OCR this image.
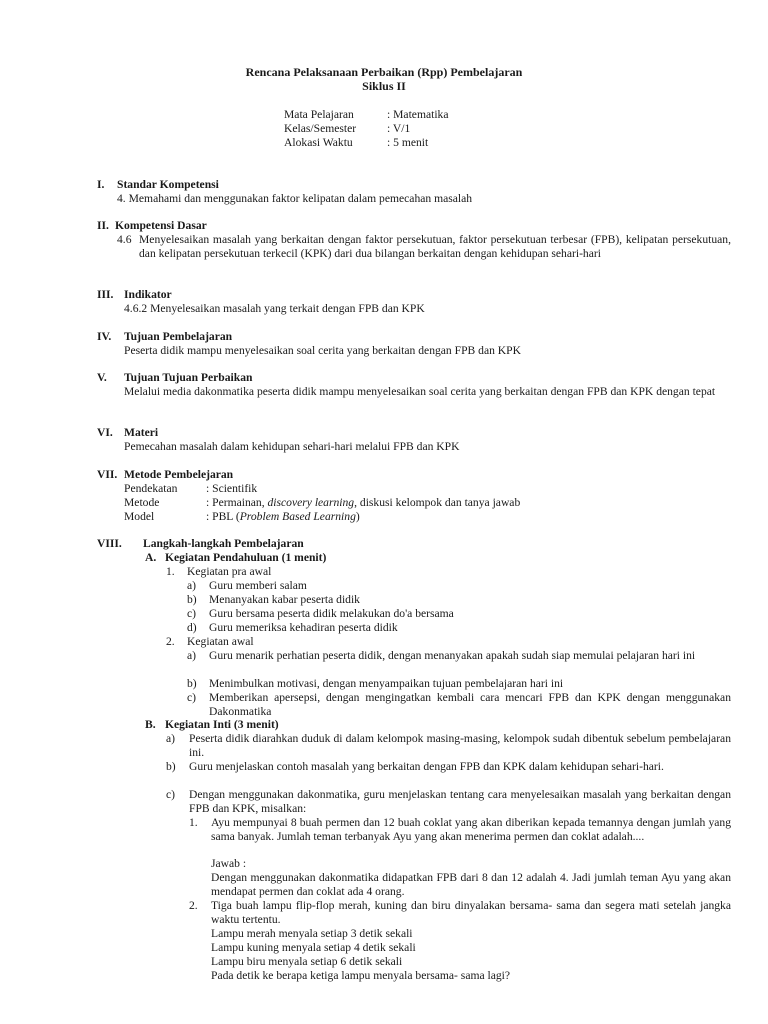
Rencana Pelaksanaan Perbaikan (Rpp) Pembelajaran
Siklus II
Mata Pelajaran	: Matematika
Kelas/Semester	: V/1
Alokasi Waktu	: 5 menit
I. Standar Kompetensi
4. Memahami dan menggunakan faktor kelipatan dalam pemecahan masalah
II. Kompetensi Dasar
4.6 Menyelesaikan masalah yang berkaitan dengan faktor persekutuan, faktor persekutuan terbesar (FPB), kelipatan persekutuan, dan kelipatan persekutuan terkecil (KPK) dari dua bilangan berkaitan dengan kehidupan sehari-hari
III. Indikator
4.6.2 Menyelesaikan masalah yang terkait dengan FPB dan KPK
IV. Tujuan Pembelajaran
Peserta didik mampu menyelesaikan soal cerita yang berkaitan dengan FPB dan KPK
V. Tujuan Tujuan Perbaikan
Melalui media dakonmatika peserta didik mampu menyelesaikan soal cerita yang berkaitan dengan FPB dan KPK dengan tepat
VI. Materi
Pemecahan masalah dalam kehidupan sehari-hari melalui FPB dan KPK
VII. Metode Pembelejaran
Pendekatan : Scientifik
Metode	: Permainan, discovery learning, diskusi kelompok dan tanya jawab
Model	: PBL (Problem Based Learning)
VIII. Langkah-langkah Pembelajaran
A. Kegiatan Pendahuluan (1 menit)
1. Kegiatan pra awal
a) Guru memberi salam
b) Menanyakan kabar peserta didik
c) Guru bersama peserta didik melakukan do'a bersama
d) Guru memeriksa kehadiran peserta didik
2. Kegiatan awal
a) Guru menarik perhatian peserta didik, dengan menanyakan apakah sudah siap memulai pelajaran hari ini
b) Menimbulkan motivasi, dengan menyampaikan tujuan pembelajaran hari ini
c) Memberikan apersepsi, dengan mengingatkan kembali cara mencari FPB dan KPK dengan menggunakan Dakonmatika
B. Kegiatan Inti (3 menit)
a) Peserta didik diarahkan duduk di dalam kelompok masing-masing, kelompok sudah dibentuk sebelum pembelajaran ini.
b) Guru menjelaskan contoh masalah yang berkaitan dengan FPB dan KPK dalam kehidupan sehari-hari.
c) Dengan menggunakan dakonmatika, guru menjelaskan tentang cara menyelesaikan masalah yang berkaitan dengan FPB dan KPK, misalkan:
1. Ayu mempunyai 8 buah permen dan 12 buah coklat yang akan diberikan kepada temannya dengan jumlah yang sama banyak. Jumlah teman terbanyak Ayu yang akan menerima permen dan coklat adalah....
Jawab :
Dengan menggunakan dakonmatika didapatkan FPB dari 8 dan 12 adalah 4. Jadi jumlah teman Ayu yang akan mendapat permen dan coklat ada 4 orang.
2. Tiga buah lampu flip-flop merah, kuning dan biru dinyalakan bersama- sama dan segera mati setelah jangka waktu tertentu.
Lampu merah menyala setiap 3 detik sekali
Lampu kuning menyala setiap 4 detik sekali
Lampu biru menyala setiap 6 detik sekali
Pada detik ke berapa ketiga lampu menyala bersama- sama lagi?
